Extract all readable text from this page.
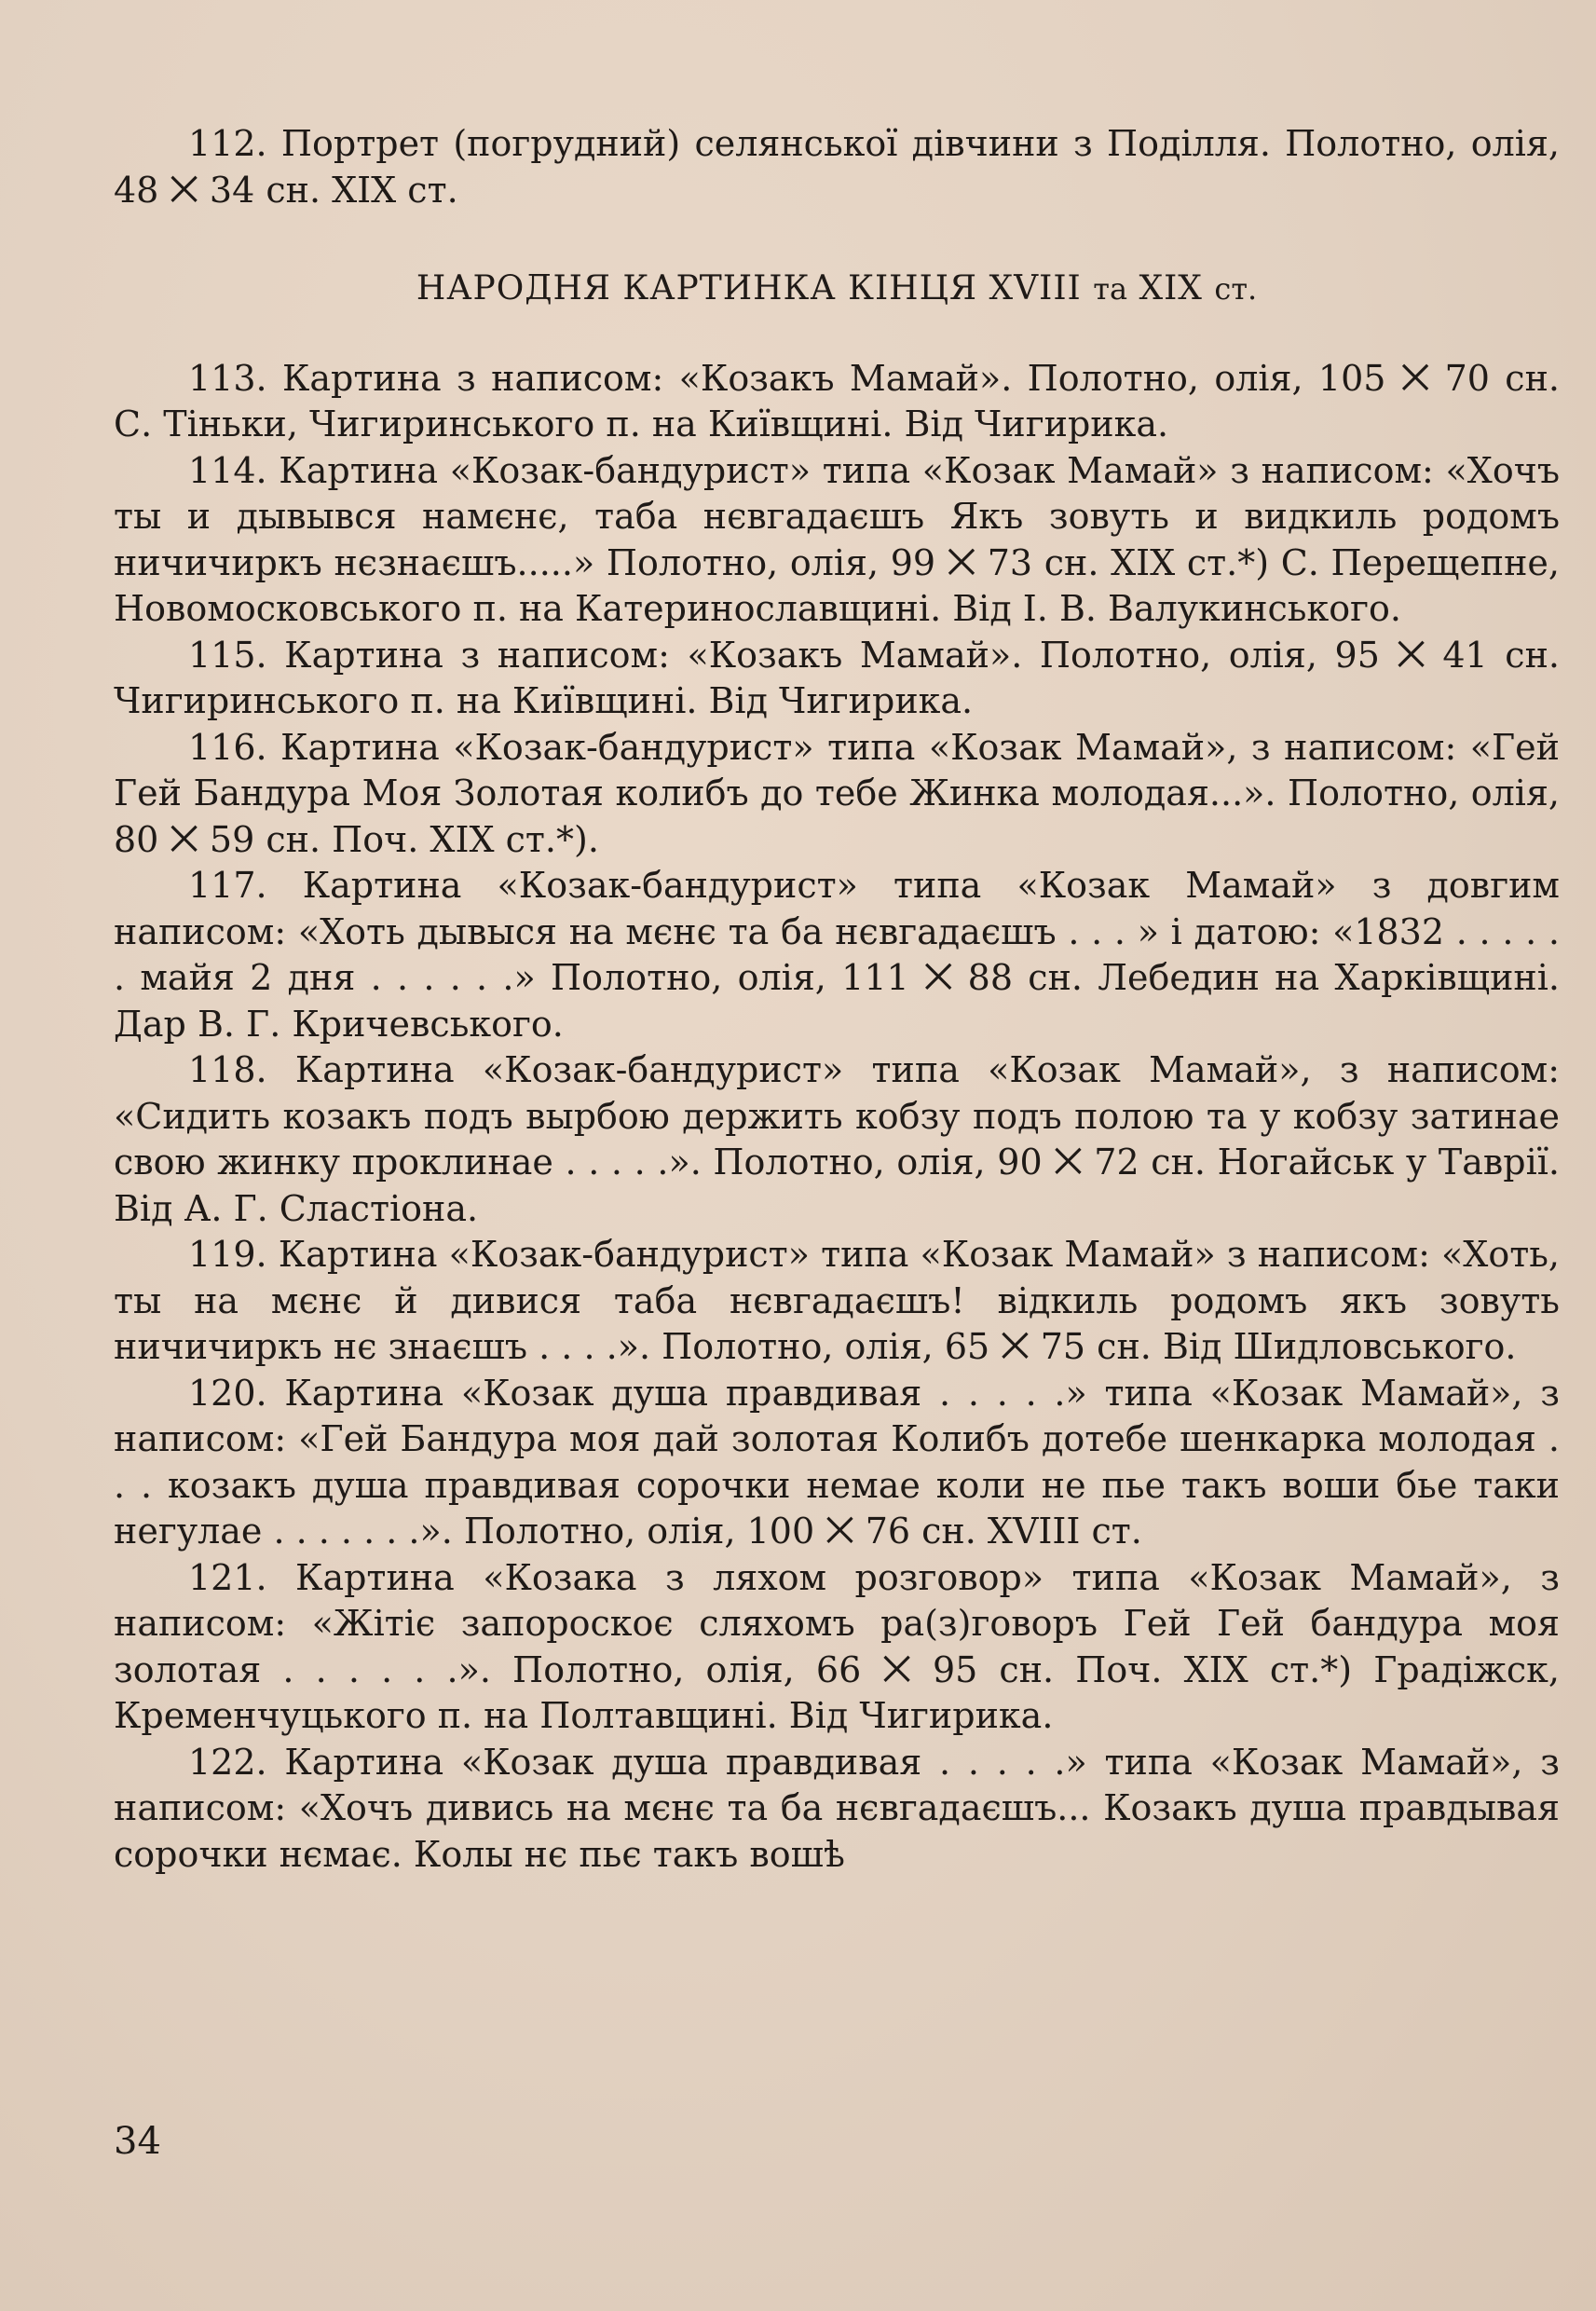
112. Портрет (погрудний) селянської дівчини з Поділля. Полотно, олія, 48 ⨉ 34 сн. XIX ст.

НАРОДНЯ КАРТИНКА КІНЦЯ XVIII та XIX ст.

113. Картина з написом: «Козакъ Мамай». Полотно, олія, 105 ⨉ 70 сн. С. Тіньки, Чигиринського п. на Київщині. Від Чигирика.

114. Картина «Козак-бандурист» типа «Козак Мамай» з написом: «Хочъ ты и дывывся намєнє, таба нєвгадаєшъ Якъ зовуть и видкиль родомъ ничичиркъ нєзнаєшъ.....» Полотно, олія, 99 ⨉ 73 сн. XIX ст.*) С. Перещепне, Новомосковського п. на Катеринославщині. Від І. В. Валукинського.

115. Картина з написом: «Козакъ Мамай». Полотно, олія, 95 ⨉ 41 сн. Чигиринського п. на Київщині. Від Чигирика.

116. Картина «Козак-бандурист» типа «Козак Мамай», з написом: «Гей Гей Бандура Моя Золотая колибъ до тебе Жинка молодая...». Полотно, олія, 80 ⨉ 59 сн. Поч. XIX ст.*).

117. Картина «Козак-бандурист» типа «Козак Мамай» з довгим написом: «Хоть дывыся на мєнє та ба нєвгадаєшъ . . . » і датою: «1832 . . . . . . майя 2 дня . . . . . .» Полотно, олія, 111 ⨉ 88 сн. Лебедин на Харківщині. Дар В. Г. Кричевського.

118. Картина «Козак-бандурист» типа «Козак Мамай», з написом: «Сидить козакъ подъ вырбою держить кобзу подъ полою та у кобзу затинае свою жинку проклинае . . . . .». Полотно, олія, 90 ⨉ 72 сн. Ногайськ у Таврії. Від А. Г. Сластіона.

119. Картина «Козак-бандурист» типа «Козак Мамай» з написом: «Хоть, ты на мєнє й дивися таба нєвгадаєшъ! відкиль родомъ якъ зовуть ничичиркъ нє знаєшъ . . . .». Полотно, олія, 65 ⨉ 75 сн. Від Шидловського.

120. Картина «Козак душа правдивая . . . . .» типа «Козак Мамай», з написом: «Гей Бандура моя дай золотая Колибъ дотебе шенкарка молодая . . . козакъ душа правдивая сорочки немае коли не пье такъ воши бье таки негулае . . . . . . .». Полотно, олія, 100 ⨉ 76 сн. XVIII ст.

121. Картина «Козака з ляхом розговор» типа «Козак Мамай», з написом: «Жітіє запороскоє сляхомъ ра(з)говоръ Гей Гей бандура моя золотая . . . . . .». Полотно, олія, 66 ⨉ 95 сн. Поч. XIX ст.*) Градіжск, Кременчуцького п. на Полтавщині. Від Чигирика.

122. Картина «Козак душа правдивая . . . . .» типа «Козак Мамай», з написом: «Хочъ дивись на мєнє та ба нєвгадаєшъ... Козакъ душа правдывая сорочки нємає. Колы нє пьє такъ вошѣ

34
